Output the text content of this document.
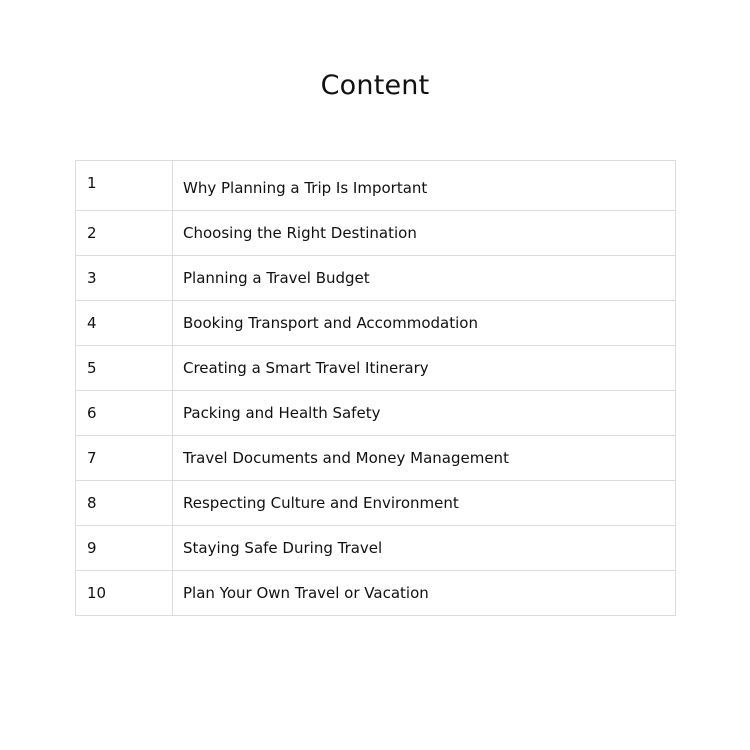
Content
1	Why Planning a Trip Is Important
2	Choosing the Right Destination
3	Planning a Travel Budget
4	Booking Transport and Accommodation
5	Creating a Smart Travel Itinerary
6	Packing and Health Safety
7	Travel Documents and Money Management
8	Respecting Culture and Environment
9	Staying Safe During Travel
10	Plan Your Own Travel or Vacation
